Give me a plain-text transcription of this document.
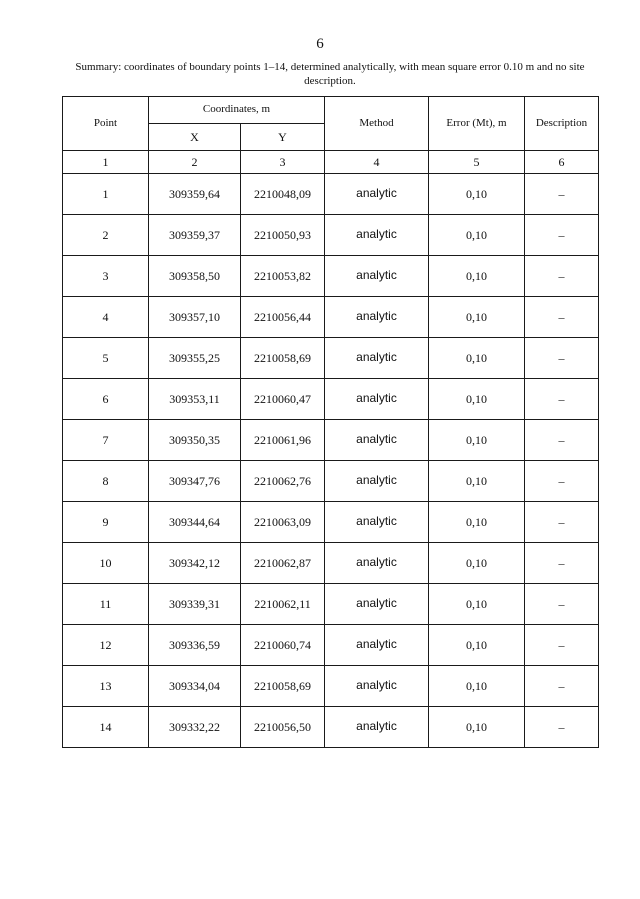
6
Summary: coordinates of boundary points 1–14, determined analytically, with mean square error 0.10 m and no site description.
Point	Coordinates, m		Method	Error (Mt), m	Description
	X	Y			
1	2	3	4	5	6
1	309359,64	2210048,09	analytic	0,10	–
2	309359,37	2210050,93	analytic	0,10	–
3	309358,50	2210053,82	analytic	0,10	–
4	309357,10	2210056,44	analytic	0,10	–
5	309355,25	2210058,69	analytic	0,10	–
6	309353,11	2210060,47	analytic	0,10	–
7	309350,35	2210061,96	analytic	0,10	–
8	309347,76	2210062,76	analytic	0,10	–
9	309344,64	2210063,09	analytic	0,10	–
10	309342,12	2210062,87	analytic	0,10	–
11	309339,31	2210062,11	analytic	0,10	–
12	309336,59	2210060,74	analytic	0,10	–
13	309334,04	2210058,69	analytic	0,10	–
14	309332,22	2210056,50	analytic	0,10	–
